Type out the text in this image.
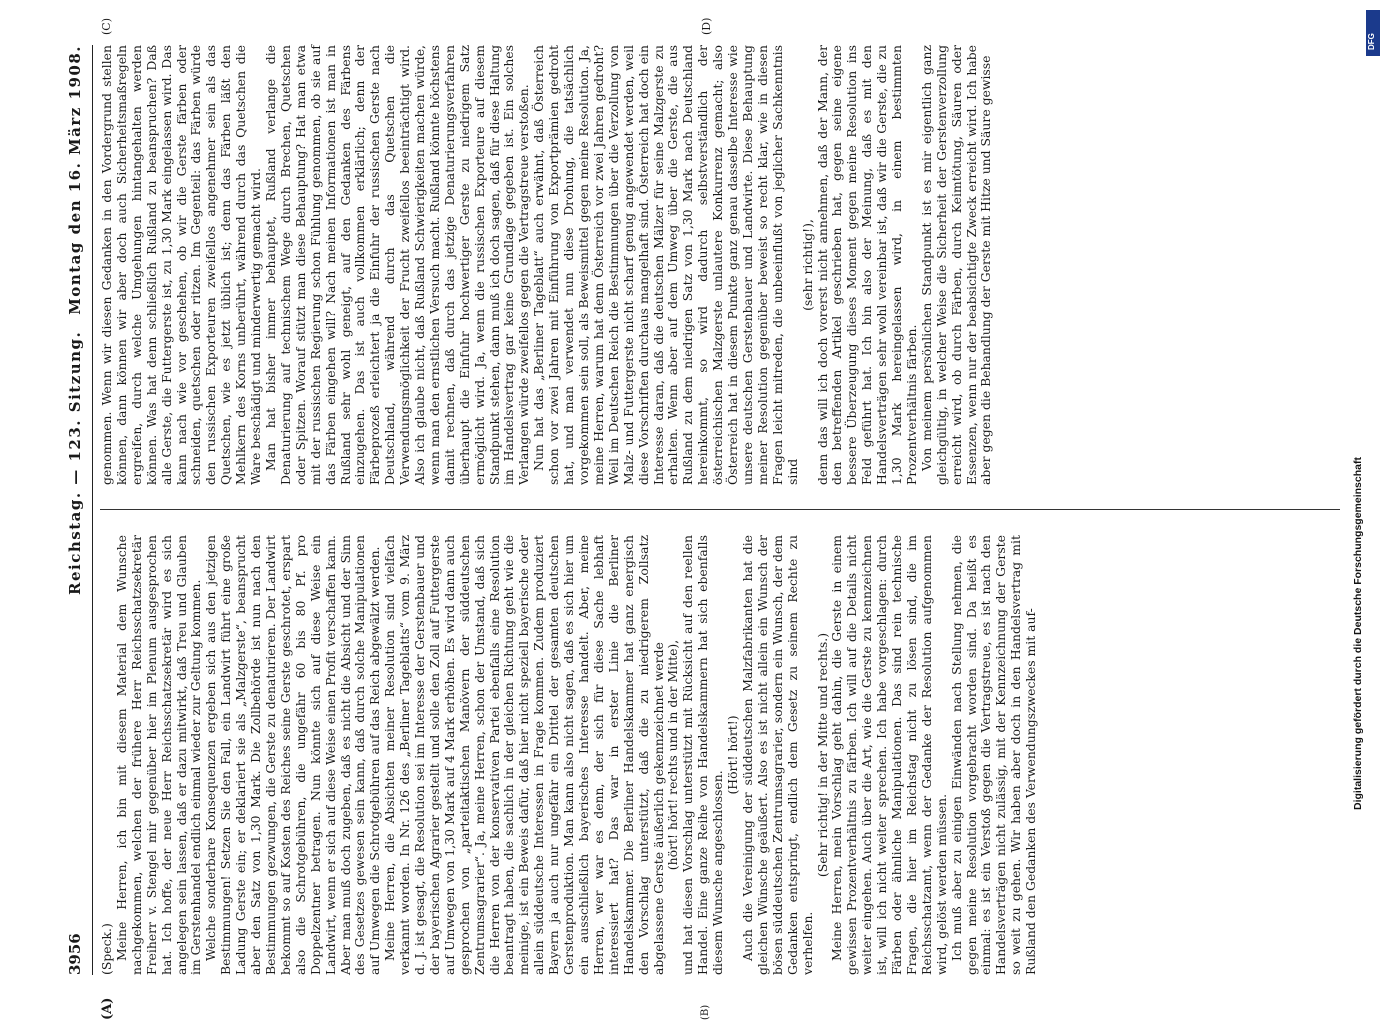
DFG
Digitalisierung gefördert durch die Deutsche Forschungsgemeinschaft
3956
Reichstag. — 123. Sitzung.
Montag den 16. März 1908.
(A)	(B)
(C)	(D)

(Speck.) Meine Herren, ich bin mit diesem Material dem Wunsche nachgekommen, welchen der frühere Herr Reichsschatzsekretär Freiherr v. Stengel mir gegenüber hier im Plenum ausgesprochen hat. Ich hoffe, der neue Herr Reichsschatzsekretär wird es sich angelegen sein lassen, daß er dazu mitwirkt, daß Treu und Glauben im Gerstenhandel endlich einmal wieder zur Geltung kommen. Welche sonderbare Konsequenzen ergeben sich aus den jetzigen Bestimmungen! Setzen Sie den Fall, ein Landwirt führt eine große Ladung Gerste ein; er deklariert sie als „Malzgerste“, beansprucht aber den Satz von 1,30 Mark. Die Zollbehörde ist nun nach den Bestimmungen gezwungen, die Gerste zu denaturieren. Der Landwirt bekommt so auf Kosten des Reiches seine Gerste geschrotet, erspart also die Schrotgebühren, die ungefähr 60 bis 80 Pf. pro Doppelzentner betragen. Nun könnte sich auf diese Weise ein Landwirt, wenn er sich auf diese Weise einen Profit verschaffen kann. Aber man muß doch zugeben, daß es nicht die Absicht und der Sinn des Gesetzes gewesen sein kann, daß durch solche Manipulationen auf Umwegen die Schrotgebühren auf das Reich abgewälzt werden. Meine Herren, die Absichten meiner Resolution sind vielfach verkannt worden. In Nr. 126 des „Berliner Tageblatts“ vom 9. März d. J. ist gesagt, die Resolution sei im Interesse der Gerstenbauer und der bayerischen Agrarier gestellt und solle den Zoll auf Futtergerste auf Umwegen von 1,30 Mark auf 4 Mark erhöhen. Es wird dann auch gesprochen von „parteitaktischen Manövern der süddeutschen Zentrumsagrarier“. Ja, meine Herren, schon der Umstand, daß sich die Herren von der konservativen Partei ebenfalls eine Resolution beantragt haben, die sachlich in der gleichen Richtung geht wie die meinige, ist ein Beweis dafür, daß hier nicht speziell bayerische oder allein süddeutsche Interessen in Frage kommen. Zudem produziert Bayern ja auch nur ungefähr ein Drittel der gesamten deutschen Gerstenproduktion. Man kann also nicht sagen, daß es sich hier um ein ausschließlich bayerisches Interesse handelt. Aber, meine Herren, wer war es denn, der sich für diese Sache lebhaft interessiert hat? Das war in erster Linie die Berliner Handelskammer. Die Berliner Handelskammer hat ganz energisch den Vorschlag unterstützt, daß die zu niedrigerem Zollsatz abgelassene Gerste äußerlich gekennzeichnet werde (hört! hört! rechts und in der Mitte), und hat diesen Vorschlag unterstützt mit Rücksicht auf den reellen Handel. Eine ganze Reihe von Handelskammern hat sich ebenfalls diesem Wunsche angeschlossen.

(Hört! hört!) Auch die Vereinigung der süddeutschen Malzfabrikanten hat die gleichen Wünsche geäußert. Also es ist nicht allein ein Wunsch der bösen süddeutschen Zentrumsagrarier, sondern ein Wunsch, der dem Gedanken entspringt, endlich dem Gesetz zu seinem Rechte zu verhelfen.

(Sehr richtig! in der Mitte und rechts.) Meine Herren, mein Vorschlag geht dahin, die Gerste in einem gewissen Prozentverhältnis zu färben. Ich will auf die Details nicht weiter eingehen. Auch über die Art, wie die Gerste zu kennzeichnen ist, will ich nicht weiter sprechen. Ich habe vorgeschlagen: durch Färben oder ähnliche Manipulationen. Das sind rein technische Fragen, die hier im Reichstag nicht zu lösen sind, die im Reichsschatzamt, wenn der Gedanke der Resolution aufgenommen wird, gelöst werden müssen. Ich muß aber zu einigen Einwänden nach Stellung nehmen, die gegen meine Resolution vorgebracht worden sind. Da heißt es einmal: es ist ein Verstoß gegen die Vertragstreue, es ist nach den Handelsverträgen nicht zulässig, mit der Kennzeichnung der Gerste so weit zu gehen. Wir haben aber doch in den Handelsvertrag mit Rußland den Gedanken des Verwendungszweckes mit auf-

genommen. Wenn wir diesen Gedanken in den Vordergrund stellen können, dann können wir aber doch auch Sicherheitsmaßregeln ergreifen, durch welche Umgehungen hintangehalten werden können. Was hat denn schließlich Rußland zu beanspruchen? Daß alle Gerste, die Futtergerste ist, zu 1,30 Mark eingelassen wird. Das kann nach wie vor geschehen, ob wir die Gerste färben oder schneiden, quetschen oder ritzen. Im Gegenteil: das Färben würde den russischen Exporteuren zweifellos angenehmer sein als das Quetschen, wie es jetzt üblich ist; denn das Färben läßt den Mehlkern des Korns unberührt, während durch das Quetschen die Ware beschädigt und minderwertig gemacht wird. Man hat bisher immer behauptet, Rußland verlange die Denaturierung auf technischem Wege durch Brechen, Quetschen oder Spitzen. Worauf stützt man diese Behauptung? Hat man etwa mit der russischen Regierung schon Fühlung genommen, ob sie auf das Färben eingehen will? Nach meinen Informationen ist man in Rußland sehr wohl geneigt, auf den Gedanken des Färbens einzugehen. Das ist auch vollkommen erklärlich; denn der Färbeprozeß erleichtert ja die Einfuhr der russischen Gerste nach Deutschland, während durch das Quetschen die Verwendungsmöglichkeit der Frucht zweifellos beeinträchtigt wird. Also ich glaube nicht, daß Rußland Schwierigkeiten machen würde, wenn man den ernstlichen Versuch macht. Rußland könnte höchstens damit rechnen, daß durch das jetzige Denaturierungsverfahren überhaupt die Einfuhr hochwertiger Gerste zu niedrigem Satz ermöglicht wird. Ja, wenn die russischen Exporteure auf diesem Standpunkt stehen, dann muß ich doch sagen, daß für diese Haltung im Handelsvertrag gar keine Grundlage gegeben ist. Ein solches Verlangen würde zweifellos gegen die Vertragstreue verstoßen. Nun hat das „Berliner Tageblatt“ auch erwähnt, daß Österreich schon vor zwei Jahren mit Einführung von Exportprämien gedroht hat, und man verwendet nun diese Drohung, die tatsächlich vorgekommen sein soll, als Beweismittel gegen meine Resolution. Ja, meine Herren, warum hat denn Österreich vor zwei Jahren gedroht? Weil im Deutschen Reich die Bestimmungen über die Verzollung von Malz- und Futtergerste nicht scharf genug angewendet werden, weil diese Vorschriften durchaus mangelhaft sind. Österreich hat doch ein Interesse daran, daß die deutschen Mälzer für seine Malzgerste zu erhalten. Wenn aber auf dem Umweg über die Gerste, die aus Rußland zu dem niedrigen Satz von 1,30 Mark nach Deutschland hereinkommt, so wird dadurch selbstverständlich der österreichischen Malzgerste unlautere Konkurrenz gemacht; also Österreich hat in diesem Punkte ganz genau dasselbe Interesse wie unsere deutschen Gerstenbauer und Landwirte. Diese Behauptung meiner Resolution gegenüber beweist so recht klar, wie in diesen Fragen leicht mitreden, die unbeeinflußt von jeglicher Sachkenntnis sind

(sehr richtig!), denn das will ich doch vorerst nicht annehmen, daß der Mann, der den betreffenden Artikel geschrieben hat, gegen seine eigene bessere Überzeugung dieses Moment gegen meine Resolution ins Feld geführt hat. Ich bin also der Meinung, daß es mit den Handelsverträgen sehr wohl vereinbar ist, daß wir die Gerste, die zu 1,30 Mark hereingelassen wird, in einem bestimmten Prozentverhältnis färben. Von meinem persönlichen Standpunkt ist es mir eigentlich ganz gleichgültig, in welcher Weise die Sicherheit der Gerstenverzollung erreicht wird, ob durch Färben, durch Keimtötung, Säuren oder Essenzen, wenn nur der beabsichtigte Zweck erreicht wird. Ich habe aber gegen die Behandlung der Gerste mit Hitze und Säure gewisse
